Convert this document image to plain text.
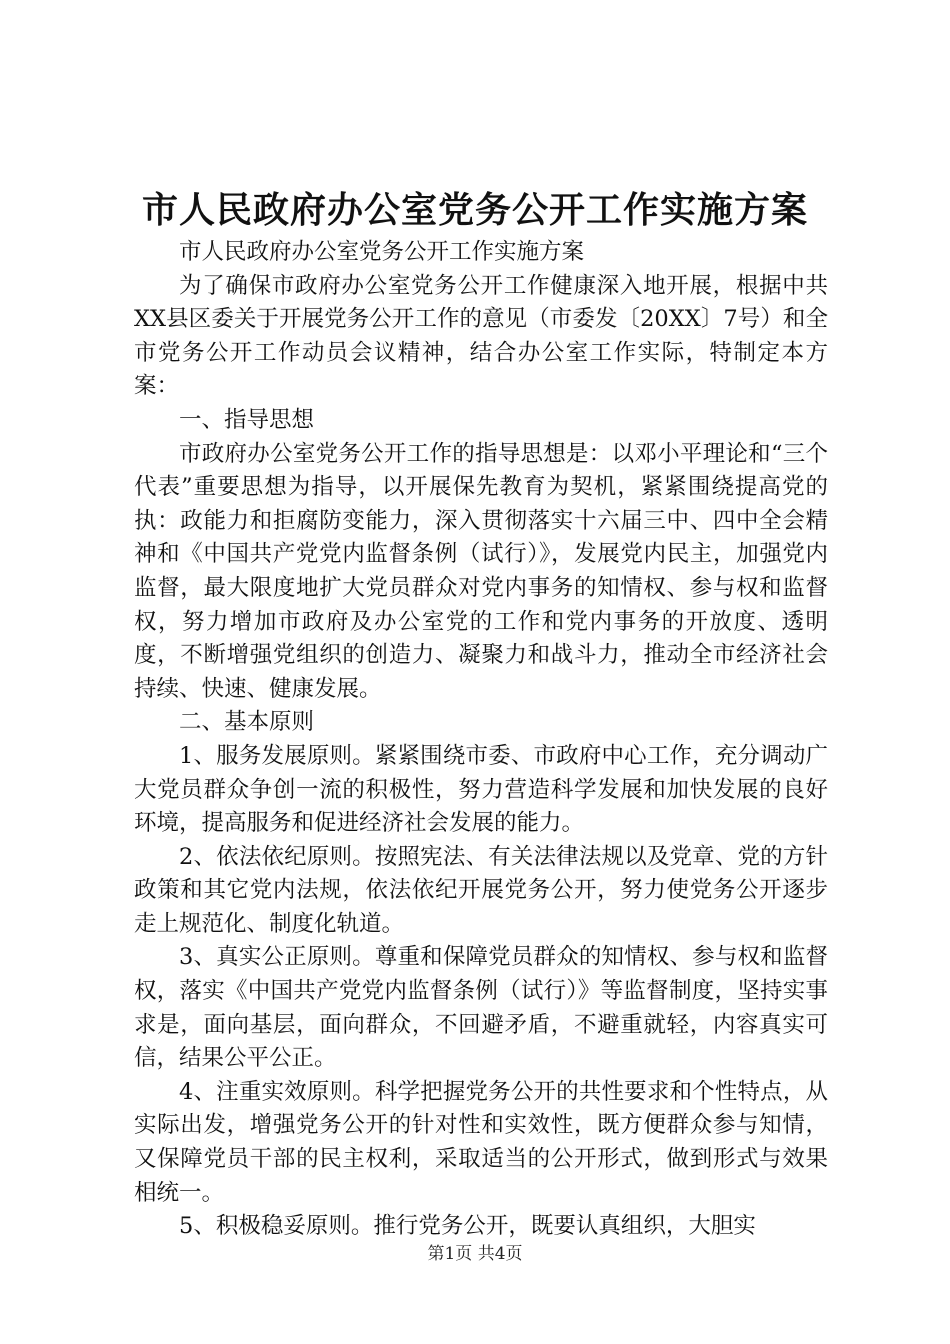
市人民政府办公室党务公开工作实施方案

市人民政府办公室党务公开工作实施方案

为了确保市政府办公室党务公开工作健康深入地开展，根据中共XX县区委关于开展党务公开工作的意见（市委发〔20XX〕7号）和全市党务公开工作动员会议精神，结合办公室工作实际，特制定本方案：

一、指导思想

市政府办公室党务公开工作的指导思想是：以邓小平理论和“三个代表”重要思想为指导，以开展保先教育为契机，紧紧围绕提高党的执：政能力和拒腐防变能力，深入贯彻落实十六届三中、四中全会精神和《中国共产党党内监督条例（试行）》，发展党内民主，加强党内监督，最大限度地扩大党员群众对党内事务的知情权、参与权和监督权，努力增加市政府及办公室党的工作和党内事务的开放度、透明度，不断增强党组织的创造力、凝聚力和战斗力，推动全市经济社会持续、快速、健康发展。

二、基本原则

1、服务发展原则。紧紧围绕市委、市政府中心工作，充分调动广大党员群众争创一流的积极性，努力营造科学发展和加快发展的良好环境，提高服务和促进经济社会发展的能力。

2、依法依纪原则。按照宪法、有关法律法规以及党章、党的方针政策和其它党内法规，依法依纪开展党务公开，努力使党务公开逐步走上规范化、制度化轨道。

3、真实公正原则。尊重和保障党员群众的知情权、参与权和监督权，落实《中国共产党党内监督条例（试行）》等监督制度，坚持实事求是，面向基层，面向群众，不回避矛盾，不避重就轻，内容真实可信，结果公平公正。

4、注重实效原则。科学把握党务公开的共性要求和个性特点，从实际出发，增强党务公开的针对性和实效性，既方便群众参与知情，又保障党员干部的民主权利，采取适当的公开形式，做到形式与效果相统一。

5、积极稳妥原则。推行党务公开，既要认真组织，大胆实

第1页 共4页
